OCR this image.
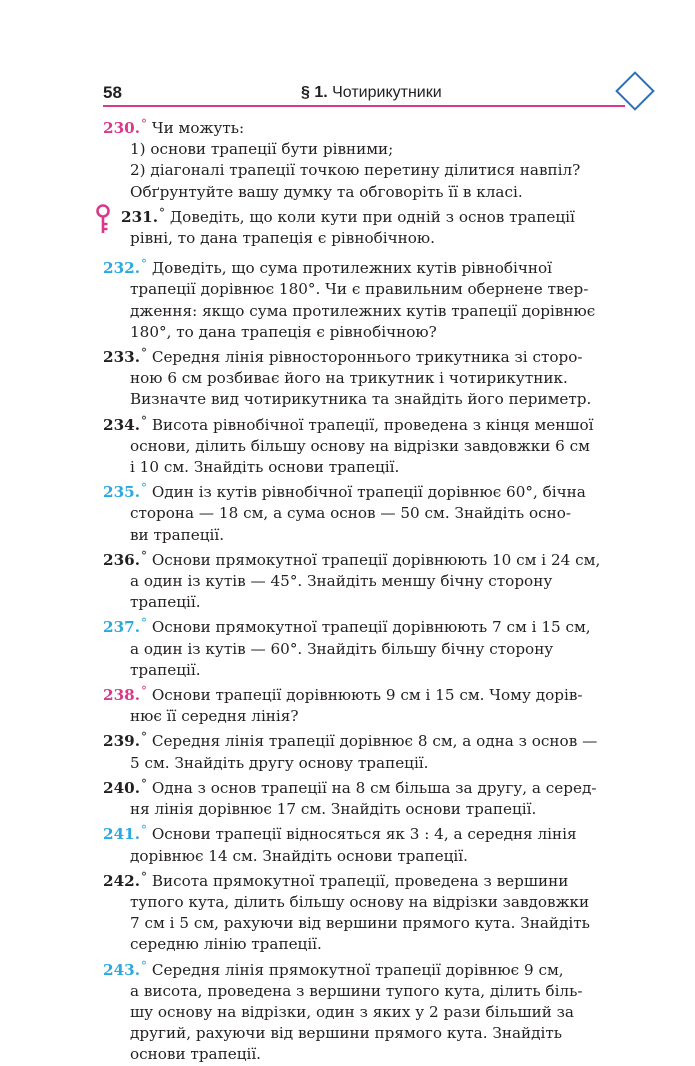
58	§ 1. Чотирикутники
230.° Чи можуть:
1) основи трапеції бути рівними;
2) діагоналі трапеції точкою перетину ділитися навпіл?
Обґрунтуйте вашу думку та обговоріть її в класі.
231.° Доведіть, що коли кути при одній з основ трапеції
рівні, то дана трапеція є рівнобічною.
232.° Доведіть, що сума протилежних кутів рівнобічної
трапеції дорівнює 180°. Чи є правильним обернене твер-
дження: якщо сума протилежних кутів трапеції дорівнює
180°, то дана трапеція є рівнобічною?
233.° Середня лінія рівностороннього трикутника зі сторо-
ною 6 см розбиває його на трикутник і чотирикутник.
Визначте вид чотирикутника та знайдіть його периметр.
234.° Висота рівнобічної трапеції, проведена з кінця меншої
основи, ділить більшу основу на відрізки завдовжки 6 см
і 10 см. Знайдіть основи трапеції.
235.° Один із кутів рівнобічної трапеції дорівнює 60°, бічна
сторона — 18 см, а сума основ — 50 см. Знайдіть осно-
ви трапеції.
236.° Основи прямокутної трапеції дорівнюють 10 см і 24 см,
а один із кутів — 45°. Знайдіть меншу бічну сторону
трапеції.
237.° Основи прямокутної трапеції дорівнюють 7 см і 15 см,
а один із кутів — 60°. Знайдіть більшу бічну сторону
трапеції.
238.° Основи трапеції дорівнюють 9 см і 15 см. Чому дорів-
нює її середня лінія?
239.° Середня лінія трапеції дорівнює 8 см, а одна з основ —
5 см. Знайдіть другу основу трапеції.
240.° Одна з основ трапеції на 8 см більша за другу, а серед-
ня лінія дорівнює 17 см. Знайдіть основи трапеції.
241.° Основи трапеції відносяться як 3 : 4, а середня лінія
дорівнює 14 см. Знайдіть основи трапеції.
242.° Висота прямокутної трапеції, проведена з вершини
тупого кута, ділить більшу основу на відрізки завдовжки
7 см і 5 см, рахуючи від вершини прямого кута. Знайдіть
середню лінію трапеції.
243.° Середня лінія прямокутної трапеції дорівнює 9 см,
а висота, проведена з вершини тупого кута, ділить біль-
шу основу на відрізки, один з яких у 2 рази більший за
другий, рахуючи від вершини прямого кута. Знайдіть
основи трапеції.
